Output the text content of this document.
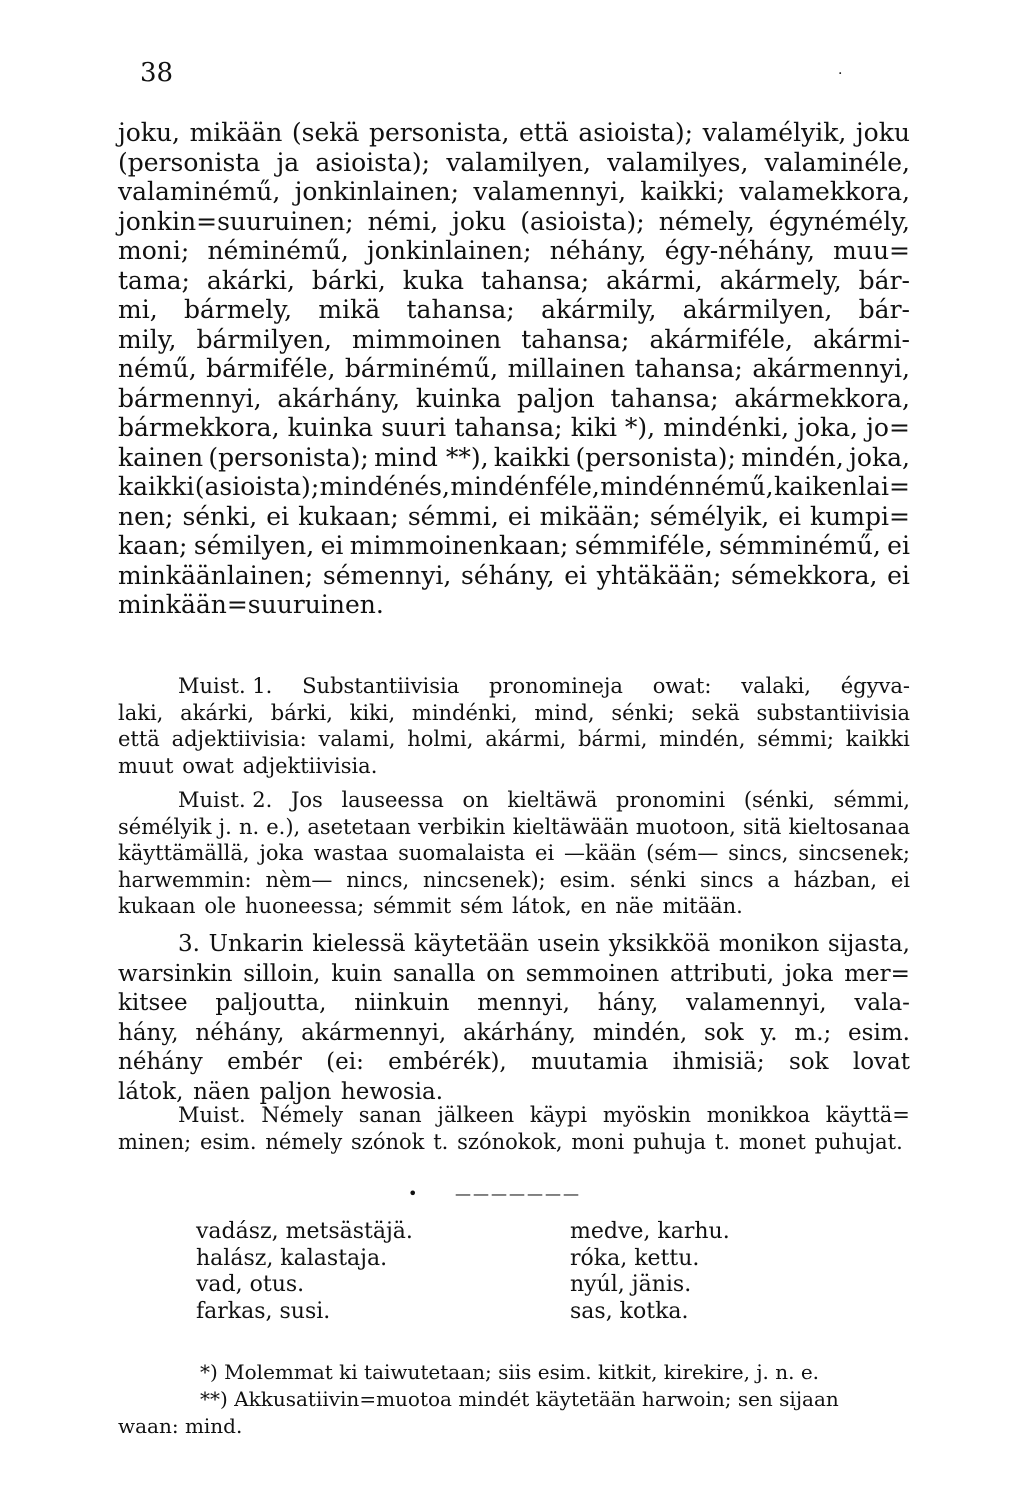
38	·
joku, mikään (sekä personista, että asioista); valamélyik, joku
(personista ja asioista); valamilyen, valamilyes, valaminéle,
valaminémű, jonkinlainen; valamennyi, kaikki; valamekkora,
jonkin=suuruinen; némi, joku (asioista); némely, égynémély,
moni; néminémű, jonkinlainen; néhány, égy-néhány, muu=
tama; akárki, bárki, kuka tahansa; akármi, akármely, bár-
mi, bármely, mikä tahansa; akármily, akármilyen, bár-
mily, bármilyen, mimmoinen tahansa; akármiféle, akármi-
némű, bármiféle, bárminémű, millainen tahansa; akármennyi,
bármennyi, akárhány, kuinka paljon tahansa; akármekkora,
bármekkora, kuinka suuri tahansa; kiki *), mindénki, joka, jo=
kainen (personista); mind **), kaikki (personista); mindén, joka,
kaikki (asioista); mindénés, mindénféle, mindénnémű, kaikenlai=
nen; sénki, ei kukaan; sémmi, ei mikään; sémélyik, ei kumpi=
kaan; sémilyen, ei mimmoinenkaan; sémmiféle, sémminémű, ei
minkäänlainen; sémennyi, séhány, ei yhtäkään; sémekkora, ei
minkään=suuruinen.
Muist. 1. Substantiivisia pronomineja owat: valaki, égyva-
laki, akárki, bárki, kiki, mindénki, mind, sénki; sekä substantiivisia
että adjektiivisia: valami, holmi, akármi, bármi, mindén, sémmi; kaikki
muut owat adjektiivisia.
Muist. 2. Jos lauseessa on kieltäwä pronomini (sénki, sémmi,
sémélyik j. n. e.), asetetaan verbikin kieltäwään muotoon, sitä kieltosanaa
käyttämällä, joka wastaa suomalaista ei —kään (sém— sincs, sincsenek;
harwemmin: nèm— nincs, nincsenek); esim. sénki sincs a házban, ei
kukaan ole huoneessa; sémmit sém látok, en näe mitään.
3. Unkarin kielessä käytetään usein yksikköä monikon sijasta,
warsinkin silloin, kuin sanalla on semmoinen attributi, joka mer=
kitsee paljoutta, niinkuin mennyi, hány, valamennyi, vala-
hány, néhány, akármennyi, akárhány, mindén, sok y. m.; esim.
néhány embér (ei: embérék), muutamia ihmisiä; sok lovat
látok, näen paljon hewosia.
Muist. Némely sanan jälkeen käypi myöskin monikkoa käyttä=
minen; esim. némely szónok t. szónokok, moni puhuja t. monet puhujat.
• ———————
vadász, metsästäjä.
halász, kalastaja.
vad, otus.
farkas, susi.
medve, karhu.
róka, kettu.
nyúl, jänis.
sas, kotka.
*) Molemmat ki taiwutetaan; siis esim. kitkit, kirekire, j. n. e.
**) Akkusatiivin=muotoa mindét käytetään harwoin; sen sijaan
waan: mind.
